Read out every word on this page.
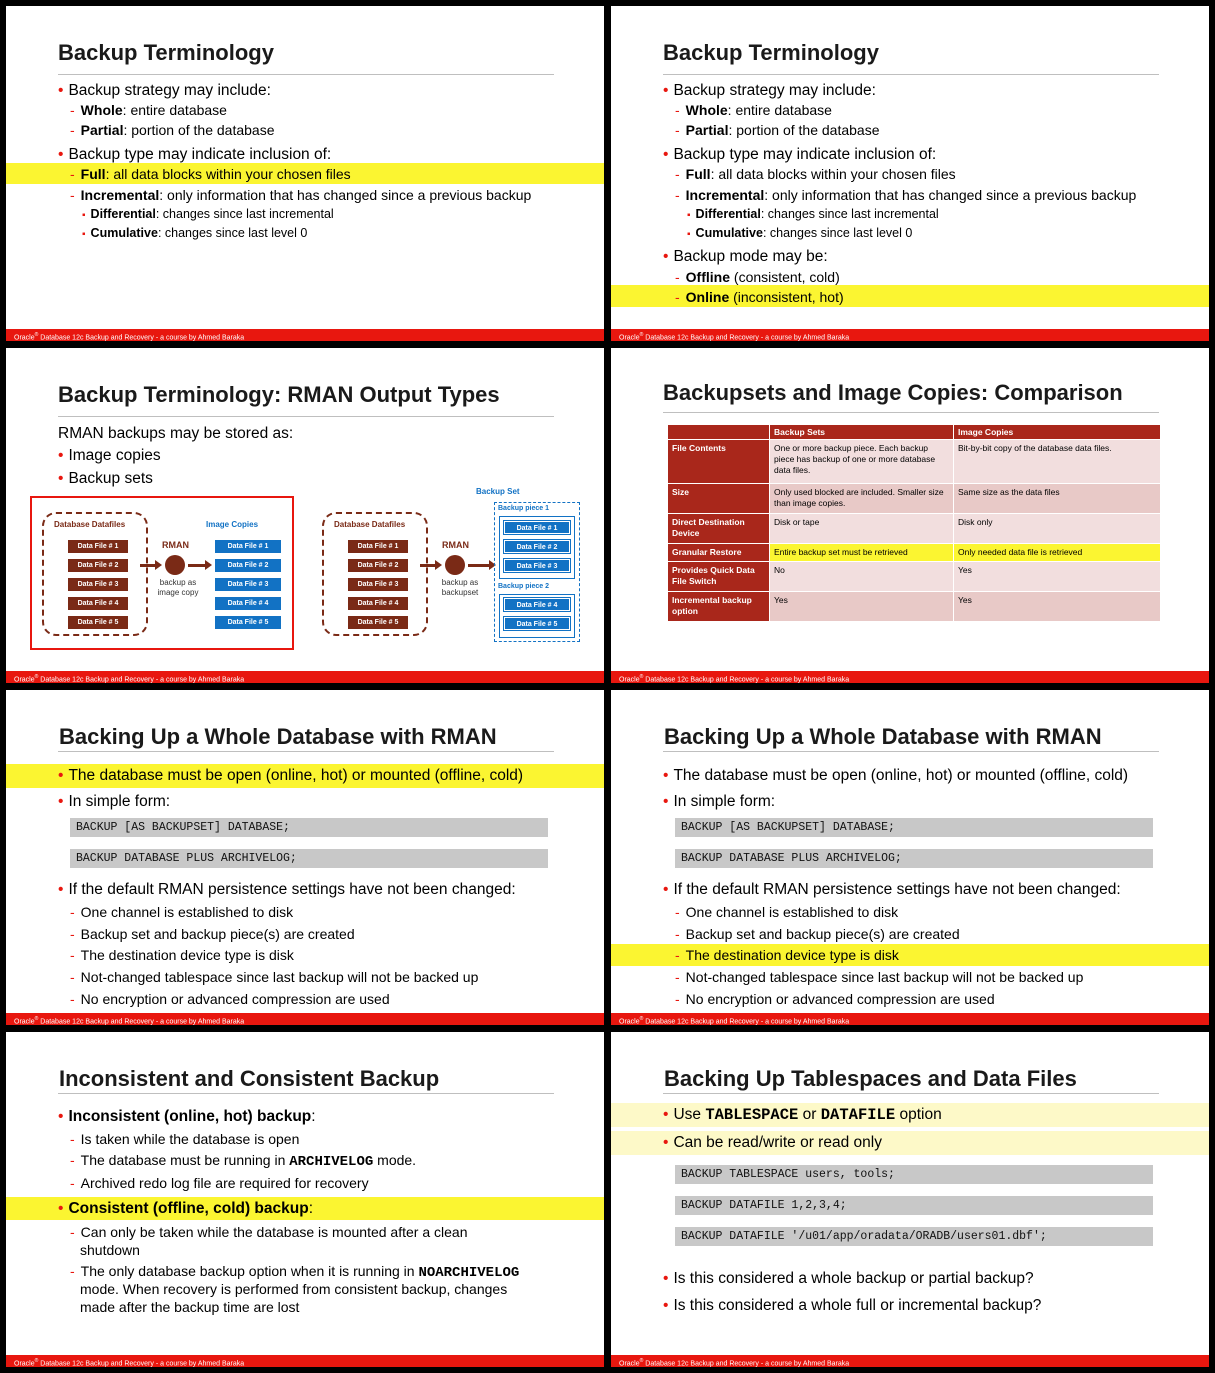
Backup Terminology
• Backup strategy may include:
- Whole: entire database
- Partial: portion of the database
• Backup type may indicate inclusion of:
- Full: all data blocks within your chosen files
- Incremental: only information that has changed since a previous backup
▪ Differential: changes since last incremental
▪ Cumulative: changes since last level 0
Oracle® Database 12c Backup and Recovery - a course by Ahmed Baraka
Backup Terminology
• Backup strategy may include:
- Whole: entire database
- Partial: portion of the database
• Backup type may indicate inclusion of:
- Full: all data blocks within your chosen files
- Incremental: only information that has changed since a previous backup
▪ Differential: changes since last incremental
▪ Cumulative: changes since last level 0
• Backup mode may be:
- Offline (consistent, cold)
- Online (inconsistent, hot)
Oracle® Database 12c Backup and Recovery - a course by Ahmed Baraka
Backup Terminology: RMAN Output Types
RMAN backups may be stored as:
• Image copies
• Backup sets
Database Datafiles
Data File # 1
Data File # 2
Data File # 3
Data File # 4
Data File # 5
RMAN
backup as
image copy
Image Copies
Data File # 1
Data File # 2
Data File # 3
Data File # 4
Data File # 5
Database Datafiles
Data File # 1
Data File # 2
Data File # 3
Data File # 4
Data File # 5
RMAN
backup as
backupset
Backup Set
Backup piece 1
Data File # 1
Data File # 2
Data File # 3
Backup piece 2
Data File # 4
Data File # 5
Oracle® Database 12c Backup and Recovery - a course by Ahmed Baraka
Backupsets and Image Copies: Comparison
	Backup Sets	Image Copies
File Contents	One or more backup piece. Each backup piece has backup of one or more database data files.	Bit-by-bit copy of the database data files.
Size	Only used blocked are included. Smaller size than image copies.	Same size as the data files
Direct Destination Device	Disk or tape	Disk only
Granular Restore	Entire backup set must be retrieved	Only needed data file is retrieved
Provides Quick Data File Switch	No	Yes
Incremental backup option	Yes	Yes
Oracle® Database 12c Backup and Recovery - a course by Ahmed Baraka
Backing Up a Whole Database with RMAN
• The database must be open (online, hot) or mounted (offline, cold)
• In simple form:
BACKUP [AS BACKUPSET] DATABASE;
BACKUP DATABASE PLUS ARCHIVELOG;
• If the default RMAN persistence settings have not been changed:
- One channel is established to disk
- Backup set and backup piece(s) are created
- The destination device type is disk
- Not-changed tablespace since last backup will not be backed up
- No encryption or advanced compression are used
Oracle® Database 12c Backup and Recovery - a course by Ahmed Baraka
Backing Up a Whole Database with RMAN
• The database must be open (online, hot) or mounted (offline, cold)
• In simple form:
BACKUP [AS BACKUPSET] DATABASE;
BACKUP DATABASE PLUS ARCHIVELOG;
• If the default RMAN persistence settings have not been changed:
- One channel is established to disk
- Backup set and backup piece(s) are created
- The destination device type is disk
- Not-changed tablespace since last backup will not be backed up
- No encryption or advanced compression are used
Oracle® Database 12c Backup and Recovery - a course by Ahmed Baraka
Inconsistent and Consistent Backup
• Inconsistent (online, hot) backup:
- Is taken while the database is open
- The database must be running in ARCHIVELOG mode.
- Archived redo log file are required for recovery
• Consistent (offline, cold) backup:
- Can only be taken while the database is mounted after a clean
shutdown
- The only database backup option when it is running in NOARCHIVELOG
mode. When recovery is performed from consistent backup, changes
made after the backup time are lost
Oracle® Database 12c Backup and Recovery - a course by Ahmed Baraka
Backing Up Tablespaces and Data Files
• Use TABLESPACE or DATAFILE option
• Can be read/write or read only
BACKUP TABLESPACE users, tools;
BACKUP DATAFILE 1,2,3,4;
BACKUP DATAFILE '/u01/app/oradata/ORADB/users01.dbf';
• Is this considered a whole backup or partial backup?
• Is this considered a whole full or incremental backup?
Oracle® Database 12c Backup and Recovery - a course by Ahmed Baraka
